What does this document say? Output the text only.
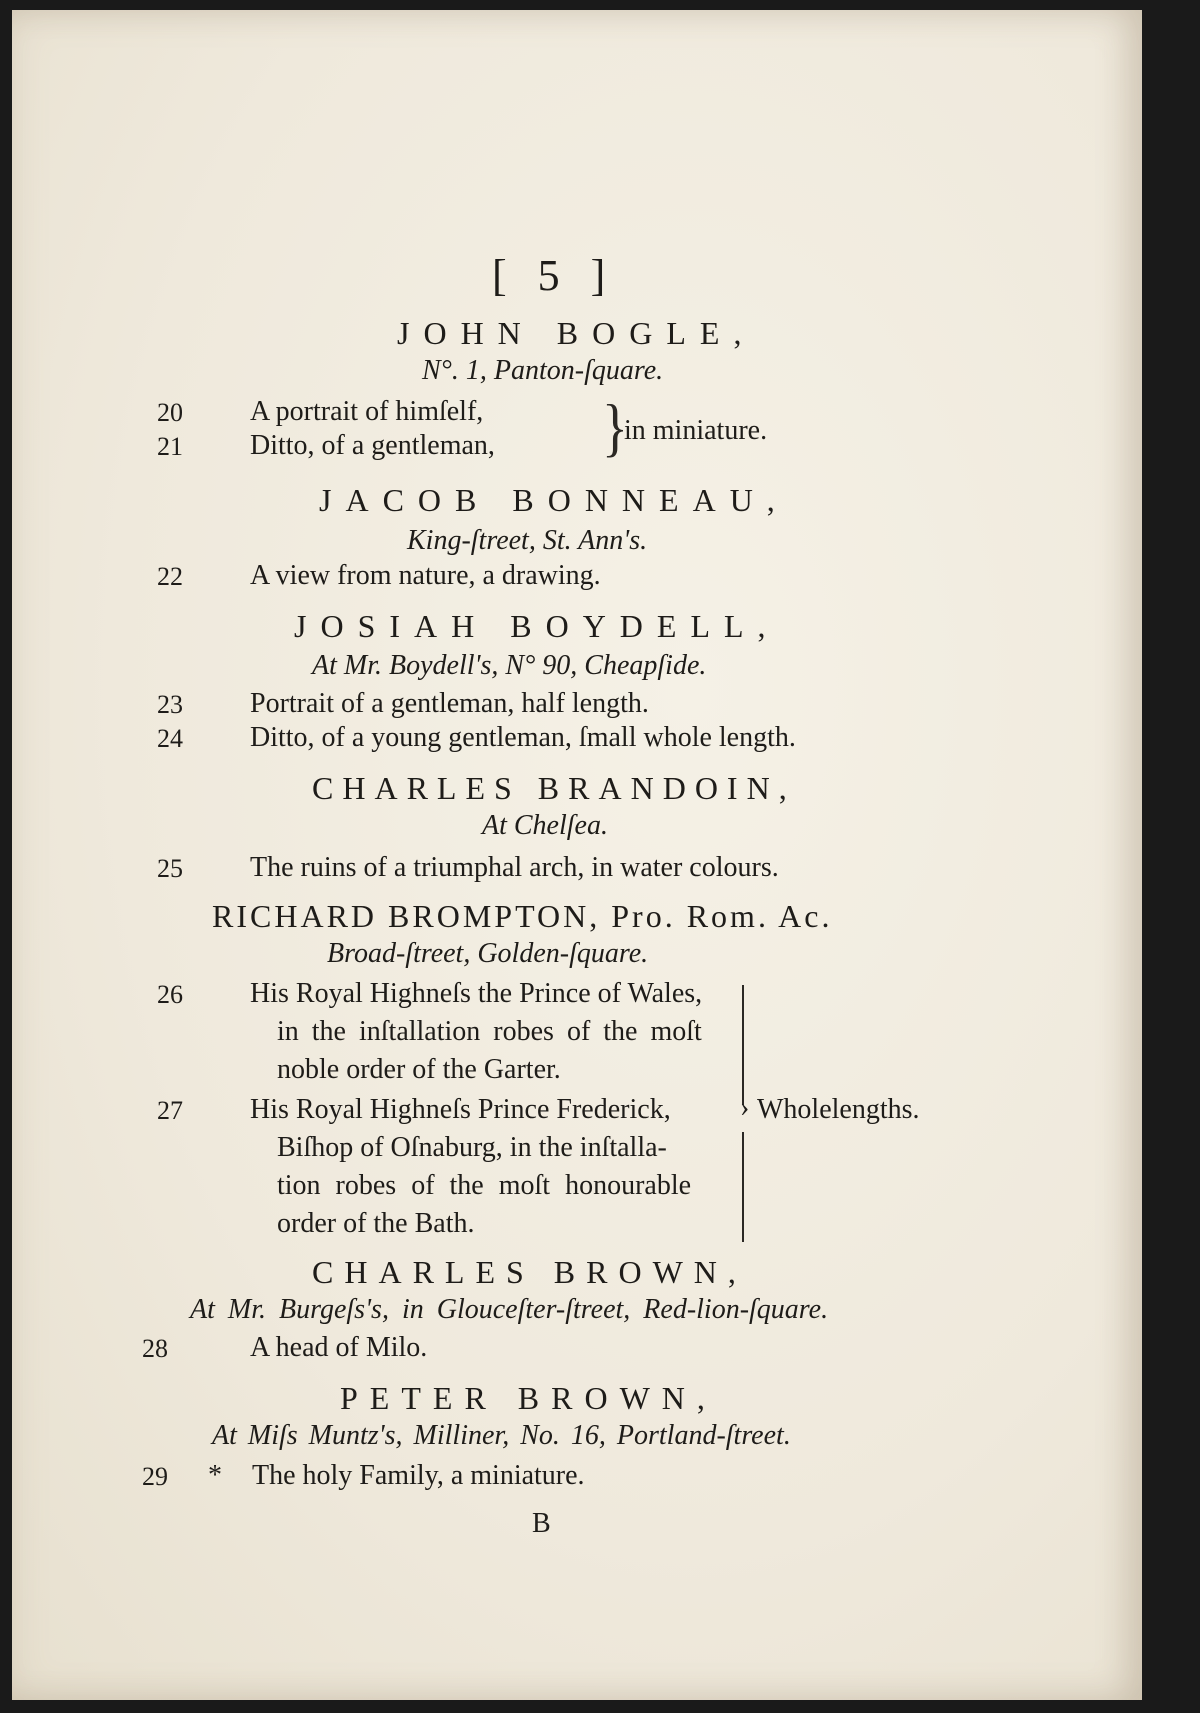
[ 5 ]
JOHN BOGLE,
N°. 1, Panton-ſquare.
20 A portrait of himſelf,
21 Ditto, of a gentleman, }
in miniature.
JACOB BONNEAU,
King-ſtreet, St. Ann's.
22 A view from nature, a drawing.
JOSIAH BOYDELL,
At Mr. Boydell's, N° 90, Cheapſide.
23 Portrait of a gentleman, half length.
24 Ditto, of a young gentleman, ſmall whole length.
CHARLES BRANDOIN,
At Chelſea.
25 The ruins of a triumphal arch, in water colours.
RICHARD BROMPTON, Pro. Rom. Ac.
Broad-ſtreet, Golden-ſquare.
26 His Royal Highneſs the Prince of Wales,
in the inſtallation robes of the moſt
noble order of the Garter.
27 His Royal Highneſs Prince Frederick,
Biſhop of Oſnaburg, in the inſtalla-
tion robes of the moſt honourable
order of the Bath.
› Wholelengths.
CHARLES BROWN,
At Mr. Burgeſs's, in Glouceſter-ſtreet, Red-lion-ſquare.
28	A head of Milo.
PETER BROWN,
At Miſs Muntz's, Milliner, No. 16, Portland-ſtreet.
29 * The holy Family, a miniature.
B
